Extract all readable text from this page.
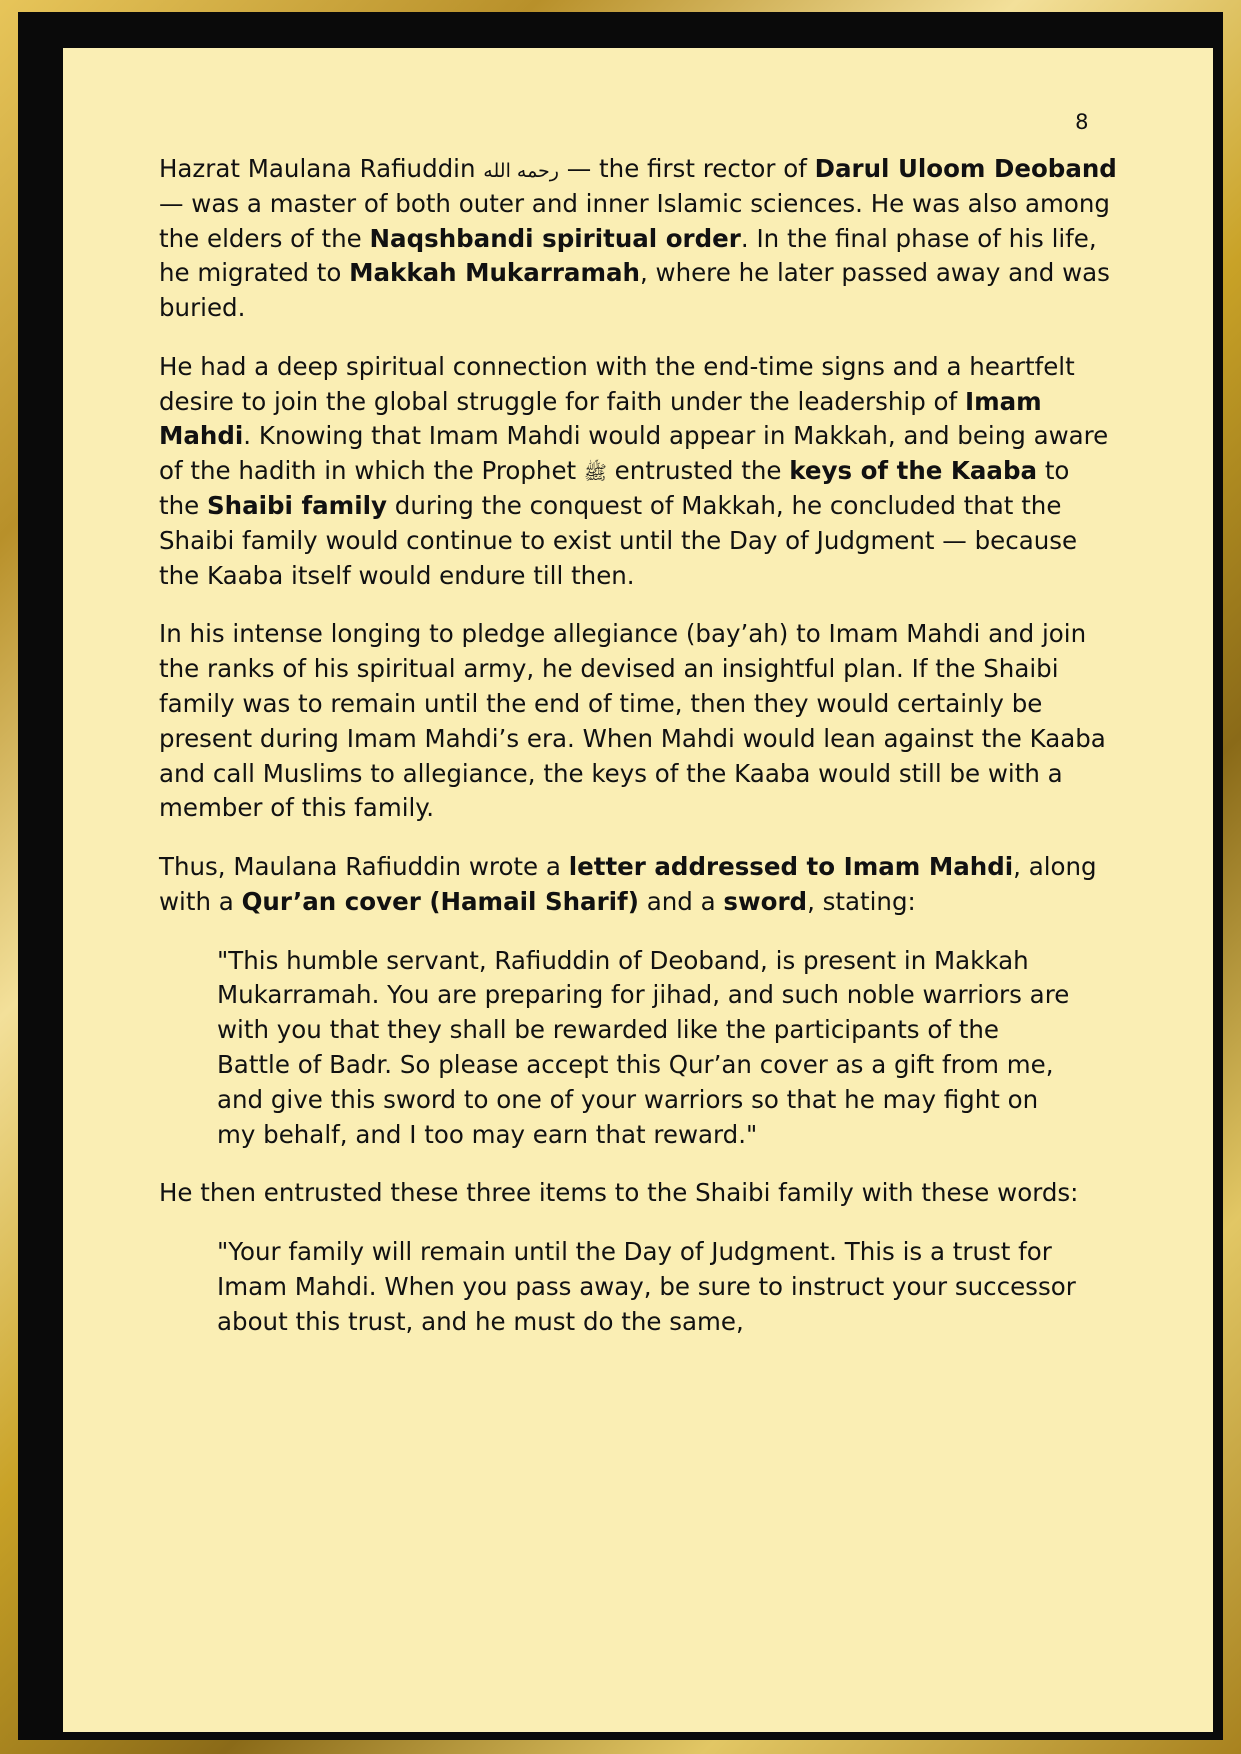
8

Hazrat Maulana Rafiuddin رحمه الله — the first rector of Darul Uloom Deoband — was a master of both outer and inner Islamic sciences. He was also among the elders of the Naqshbandi spiritual order. In the final phase of his life, he migrated to Makkah Mukarramah, where he later passed away and was buried.

He had a deep spiritual connection with the end-time signs and a heartfelt desire to join the global struggle for faith under the leadership of Imam Mahdi. Knowing that Imam Mahdi would appear in Makkah, and being aware of the hadith in which the Prophet ﷺ entrusted the keys of the Kaaba to the Shaibi family during the conquest of Makkah, he concluded that the Shaibi family would continue to exist until the Day of Judgment — because the Kaaba itself would endure till then.

In his intense longing to pledge allegiance (bay’ah) to Imam Mahdi and join the ranks of his spiritual army, he devised an insightful plan. If the Shaibi family was to remain until the end of time, then they would certainly be present during Imam Mahdi’s era. When Mahdi would lean against the Kaaba and call Muslims to allegiance, the keys of the Kaaba would still be with a member of this family.

Thus, Maulana Rafiuddin wrote a letter addressed to Imam Mahdi, along with a Qur’an cover (Hamail Sharif) and a sword, stating:

"This humble servant, Rafiuddin of Deoband, is present in Makkah Mukarramah. You are preparing for jihad, and such noble warriors are with you that they shall be rewarded like the participants of the Battle of Badr. So please accept this Qur’an cover as a gift from me, and give this sword to one of your warriors so that he may fight on my behalf, and I too may earn that reward."

He then entrusted these three items to the Shaibi family with these words:

"Your family will remain until the Day of Judgment. This is a trust for Imam Mahdi. When you pass away, be sure to instruct your successor about this trust, and he must do the same,
